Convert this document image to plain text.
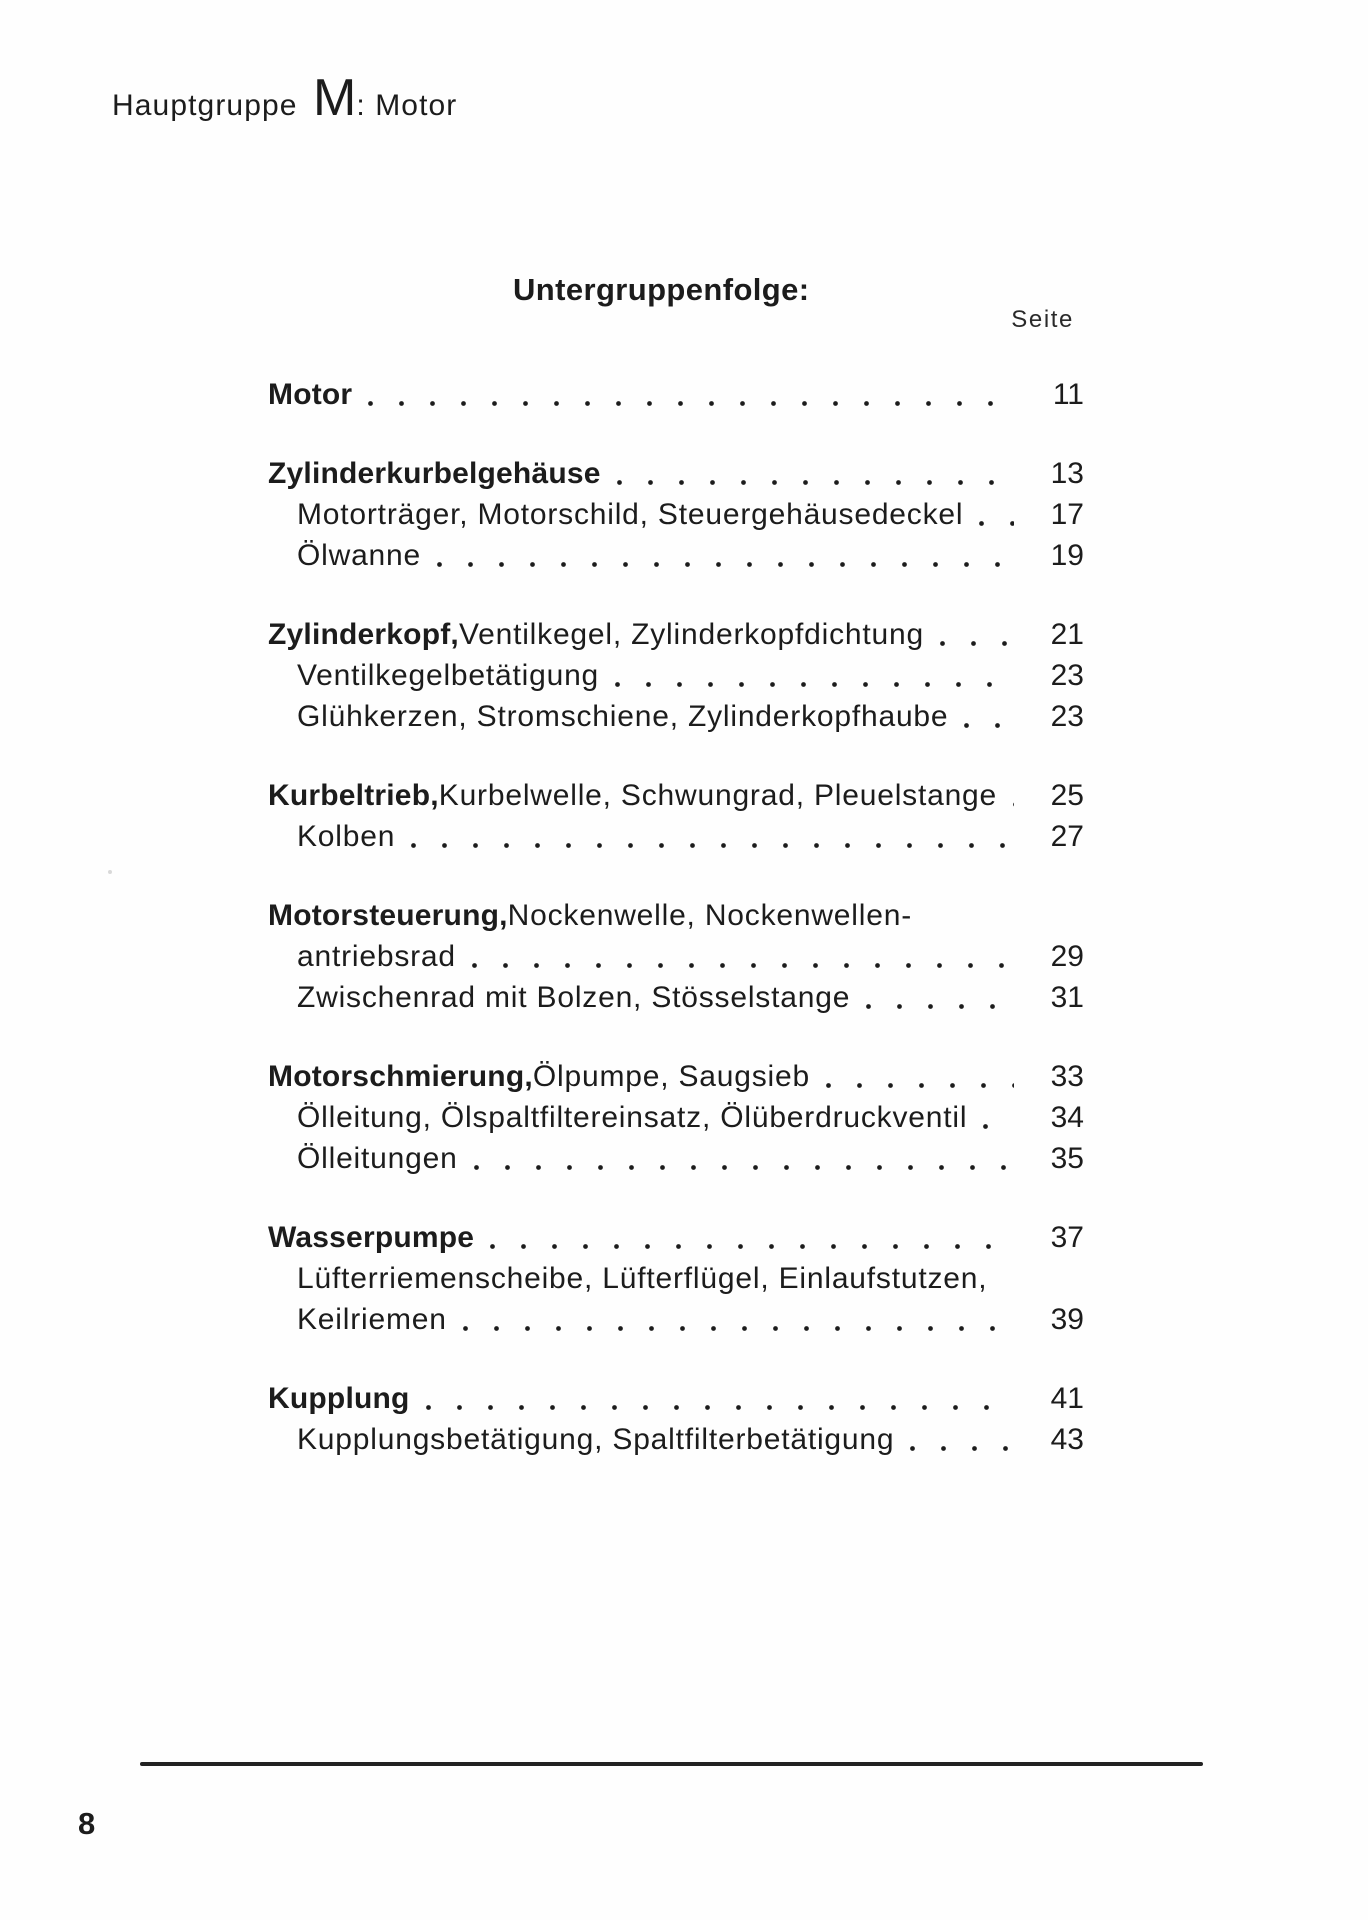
Hauptgruppe M: Motor
Untergruppenfolge:
Seite
Motor	11
Zylinderkurbelgehäuse	13
Motorträger, Motorschild, Steuergehäusedeckel	17
Ölwanne	19
Zylinderkopf, Ventilkegel, Zylinderkopfdichtung	21
Ventilkegelbetätigung	23
Glühkerzen, Stromschiene, Zylinderkopfhaube	23
Kurbeltrieb, Kurbelwelle, Schwungrad, Pleuelstange	25
Kolben	27
Motorsteuerung, Nockenwelle, Nockenwellen-
antriebsrad	29
Zwischenrad mit Bolzen, Stösselstange	31
Motorschmierung, Ölpumpe, Saugsieb	33
Ölleitung, Ölspaltfiltereinsatz, Ölüberdruckventil	34
Ölleitungen	35
Wasserpumpe	37
Lüfterriemenscheibe, Lüfterflügel, Einlaufstutzen,
Keilriemen	39
Kupplung	41
Kupplungsbetätigung, Spaltfilterbetätigung	43
8
